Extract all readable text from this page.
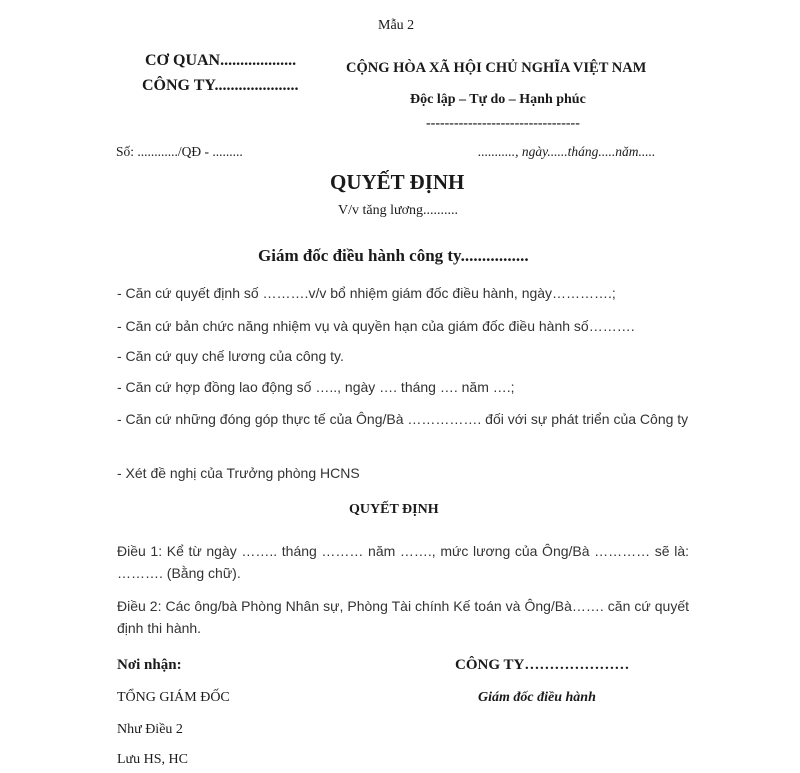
Mẫu 2
CƠ QUAN...................
CÔNG TY.....................
CỘNG HÒA XÃ HỘI CHỦ NGHĨA VIỆT NAM
Độc lập – Tự do – Hạnh phúc
---------------------------------
Số: ............/QĐ - .........	..........., ngày......tháng.....năm.....
QUYẾT ĐỊNH
V/v tăng lương..........
Giám đốc điều hành công ty................
- Căn cứ quyết định số ……….v/v bổ nhiệm giám đốc điều hành, ngày………….;
- Căn cứ bản chức năng nhiệm vụ và quyền hạn của giám đốc điều hành số……….
- Căn cứ quy chế lương của công ty.
- Căn cứ hợp đồng lao động số ….., ngày …. tháng …. năm ….;
- Căn cứ những đóng góp thực tế của Ông/Bà ……………. đối với sự phát triển của Công ty
- Xét đề nghị của Trưởng phòng HCNS
QUYẾT ĐỊNH
Điều 1: Kể từ ngày …….. tháng ……… năm ……., mức lương của Ông/Bà ………… sẽ là: ………. (Bằng chữ).
Điều 2: Các ông/bà Phòng Nhân sự, Phòng Tài chính Kế toán và Ông/Bà……. căn cứ quyết định thi hành.
Nơi nhận:
TỔNG GIÁM ĐỐC
Như Điều 2
Lưu HS, HC
CÔNG TY…………………
Giám đốc điều hành
